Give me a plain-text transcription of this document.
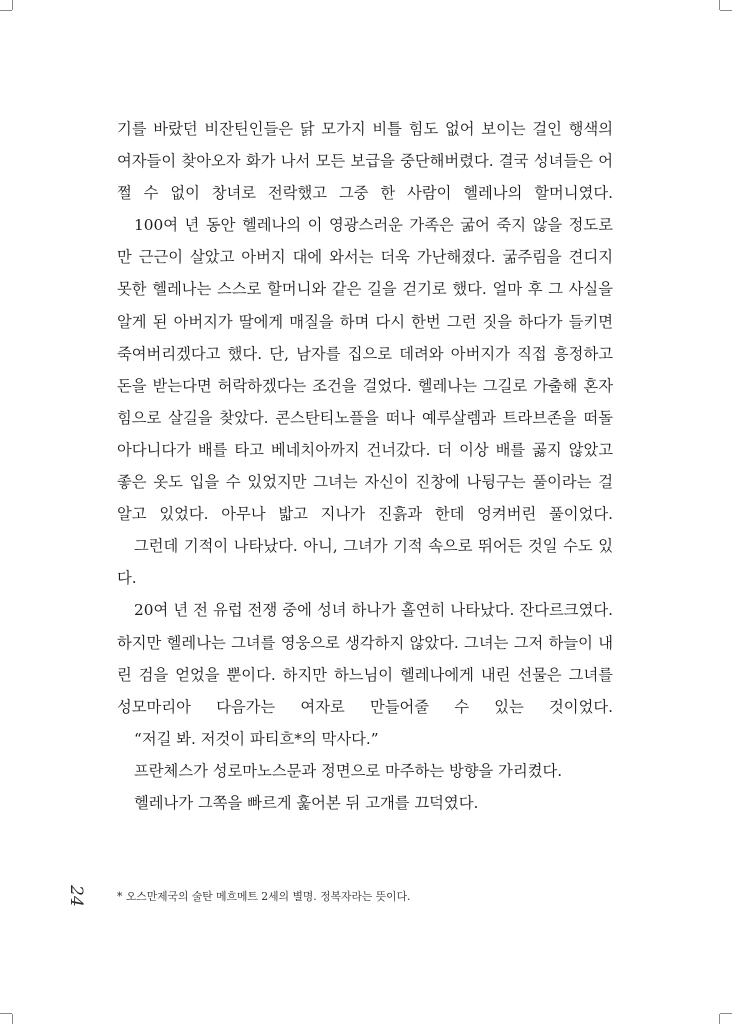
기를 바랐던 비잔틴인들은 닭 모가지 비틀 힘도 없어 보이는 걸인 행색의 여자들이 찾아오자 화가 나서 모든 보급을 중단해버렸다. 결국 성녀들은 어쩔 수 없이 창녀로 전락했고 그중 한 사람이 헬레나의 할머니였다.

100여 년 동안 헬레나의 이 영광스러운 가족은 굶어 죽지 않을 정도로 만 근근이 살았고 아버지 대에 와서는 더욱 가난해졌다. 굶주림을 견디지 못한 헬레나는 스스로 할머니와 같은 길을 걷기로 했다. 얼마 후 그 사실을 알게 된 아버지가 딸에게 매질을 하며 다시 한번 그런 짓을 하다가 들키면 죽여버리겠다고 했다. 단, 남자를 집으로 데려와 아버지가 직접 흥정하고 돈을 받는다면 허락하겠다는 조건을 걸었다. 헬레나는 그길로 가출해 혼자 힘으로 살길을 찾았다. 콘스탄티노플을 떠나 예루살렘과 트라브존을 떠돌아다니다가 배를 타고 베네치아까지 건너갔다. 더 이상 배를 곯지 않았고 좋은 옷도 입을 수 있었지만 그녀는 자신이 진창에 나뒹구는 풀이라는 걸 알고 있었다. 아무나 밟고 지나가 진흙과 한데 엉켜버린 풀이었다.

그런데 기적이 나타났다. 아니, 그녀가 기적 속으로 뛰어든 것일 수도 있다.

20여 년 전 유럽 전쟁 중에 성녀 하나가 홀연히 나타났다. 잔다르크였다. 하지만 헬레나는 그녀를 영웅으로 생각하지 않았다. 그녀는 그저 하늘이 내린 검을 얻었을 뿐이다. 하지만 하느님이 헬레나에게 내린 선물은 그녀를 성모마리아 다음가는 여자로 만들어줄 수 있는 것이었다.

“저길 봐. 저것이 파티흐*의 막사다.”

프란체스가 성로마노스문과 정면으로 마주하는 방향을 가리켰다.

헬레나가 그쪽을 빠르게 훑어본 뒤 고개를 끄덕였다.

24	* 오스만제국의 술탄 메흐메트 2세의 별명. 정복자라는 뜻이다.
